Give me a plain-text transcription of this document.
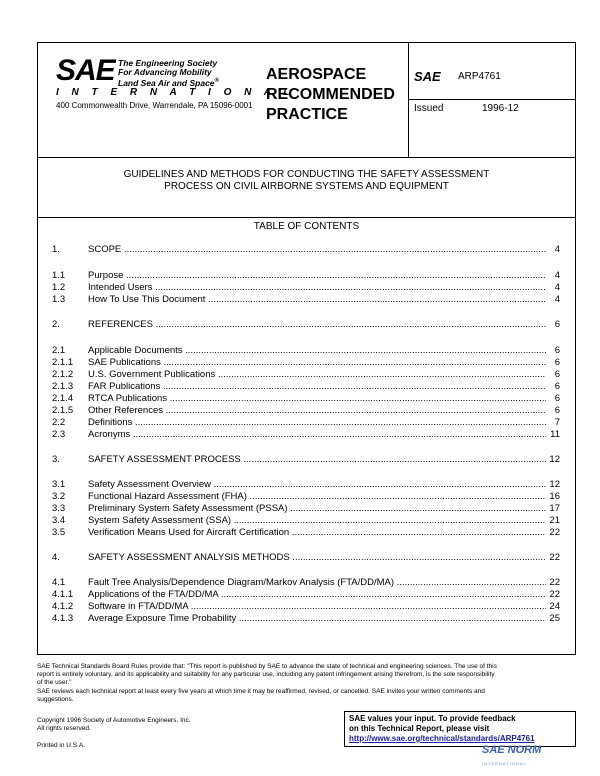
SAE The Engineering Society
For Advancing Mobility
Land Sea Air and Space®
I N T E R N A T I O N A L
400 Commonwealth Drive, Warrendale, PA 15096-0001
AEROSPACE
RECOMMENDED
PRACTICE
SAE ARP4761
Issued	1996-12
GUIDELINES AND METHODS FOR CONDUCTING THE SAFETY ASSESSMENT
PROCESS ON CIVIL AIRBORNE SYSTEMS AND EQUIPMENT
TABLE OF CONTENTS
1.	SCOPE .....	4
1.1 Purpose .....	4
1.2 Intended Users .....	4
1.3 How To Use This Document .....	4
2.	REFERENCES .....	6
2.1 Applicable Documents .....	6
2.1.1 SAE Publications .....	6
2.1.2 U.S. Government Publications .....	6
2.1.3 FAR Publications .....	6
2.1.4 RTCA Publications .....	6
2.1.5 Other References .....	6
2.2 Definitions .....	7
2.3 Acronyms .....	11
3.	SAFETY ASSESSMENT PROCESS .....	12
3.1 Safety Assessment Overview .....	12
3.2 Functional Hazard Assessment (FHA) .....	16
3.3 Preliminary System Safety Assessment (PSSA) .....	17
3.4 System Safety Assessment (SSA) .....	21
3.5 Verification Means Used for Aircraft Certification .....	22
4.	SAFETY ASSESSMENT ANALYSIS METHODS .....	22
4.1 Fault Tree Analysis/Dependence Diagram/Markov Analysis (FTA/DD/MA) .....	22
4.1.1 Applications of the FTA/DD/MA .....	22
4.1.2 Software in FTA/DD/MA .....	24
4.1.3 Average Exposure Time Probability .....	25
SAE Technical Standards Board Rules provide that: "This report is published by SAE to advance the state of technical and engineering sciences. The use of this report is entirely voluntary, and its applicability and suitability for any particular use, including any patent infringement arising therefrom, is the sole responsibility of the user."
SAE reviews each technical report at least every five years at which time it may be reaffirmed, revised, or cancelled. SAE invites your written comments and suggestions.
Copyright 1996 Society of Automotive Engineers, Inc.
All rights reserved.
Printed in U.S.A.
SAE values your input. To provide feedback
on this Technical Report, please visit
http://www.sae.org/technical/standards/ARP4761
SAE NORM
INTERNATIONAL
